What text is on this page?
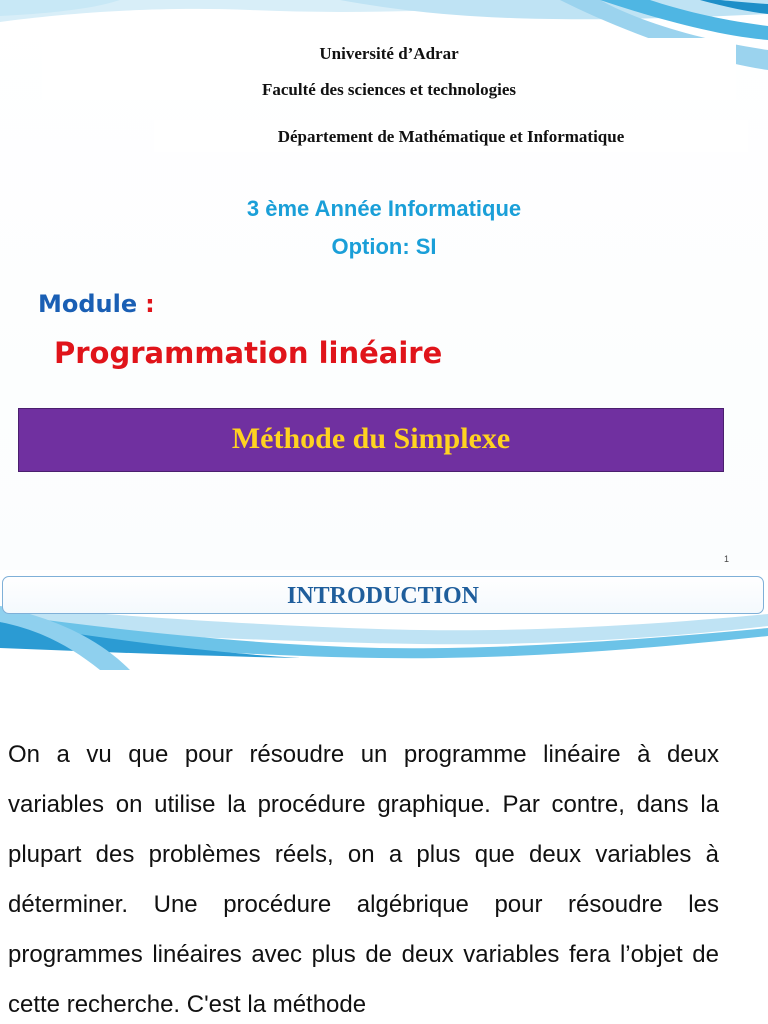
Université d’Adrar
Faculté des sciences et technologies
Département de Mathématique et Informatique
3 ème Année Informatique
Option: SI
Module :
Programmation linéaire
Méthode du Simplexe
1
INTRODUCTION
On a vu que pour résoudre un programme linéaire à deux variables on utilise la procédure graphique. Par contre, dans la plupart des problèmes réels, on a plus que deux variables à déterminer. Une procédure algébrique pour résoudre les programmes linéaires avec plus de deux variables fera l’objet de cette recherche. C'est la méthode
